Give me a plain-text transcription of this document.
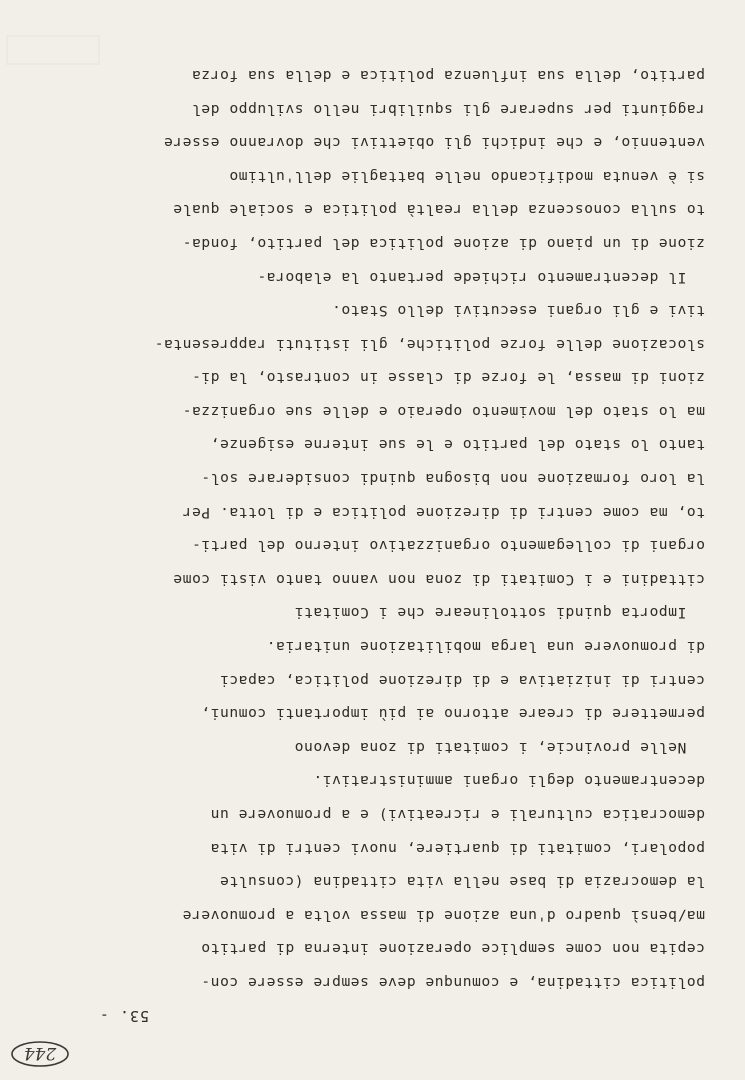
244
53. -
politica cittadina, e comunque deve sempre essere con-
cepita non come semplice operazione interna di partito
ma/bensì quadro d'una azione di massa volta a promuovere
la democrazia di base nella vita cittadina (consulte
popolari, comitati di quartiere, nuovi centri di vita
democratica culturali e ricreativi) e a promuovere un
decentramento degli organi amministrativi.
Nelle provincie, i comitati di zona devono
permettere di creare attorno ai più importanti comuni,
centri di iniziativa e di direzione politica, capaci
di promuovere una larga mobilitazione unitaria.
Importa quindi sottolineare che i Comitati
cittadini e i Comitati di zona non vanno tanto visti come
organi di collegamento organizzativo interno del parti-
to, ma come centri di direzione politica e di lotta. Per
la loro formazione non bisogna quindi considerare sol-
tanto lo stato del partito e le sue interne esigenze,
ma lo stato del movimento operaio e delle sue organizza-
zioni di massa, le forze di classe in contrasto, la di-
slocazione delle forze politiche, gli istituti rappresenta-
tivi e gli organi esecutivi dello Stato.
Il decentramento richiede pertanto la elabora-
zione di un piano di azione politica del partito, fonda-
to sulla conoscenza della realtà politica e sociale quale
si è venuta modificando nelle battaglie dell'ultimo
ventennio, e che indichi gli obiettivi che dovranno essere
raggiunti per superare gli squilibri nello sviluppo del
partito, della sua influenza politica e della sua forza
